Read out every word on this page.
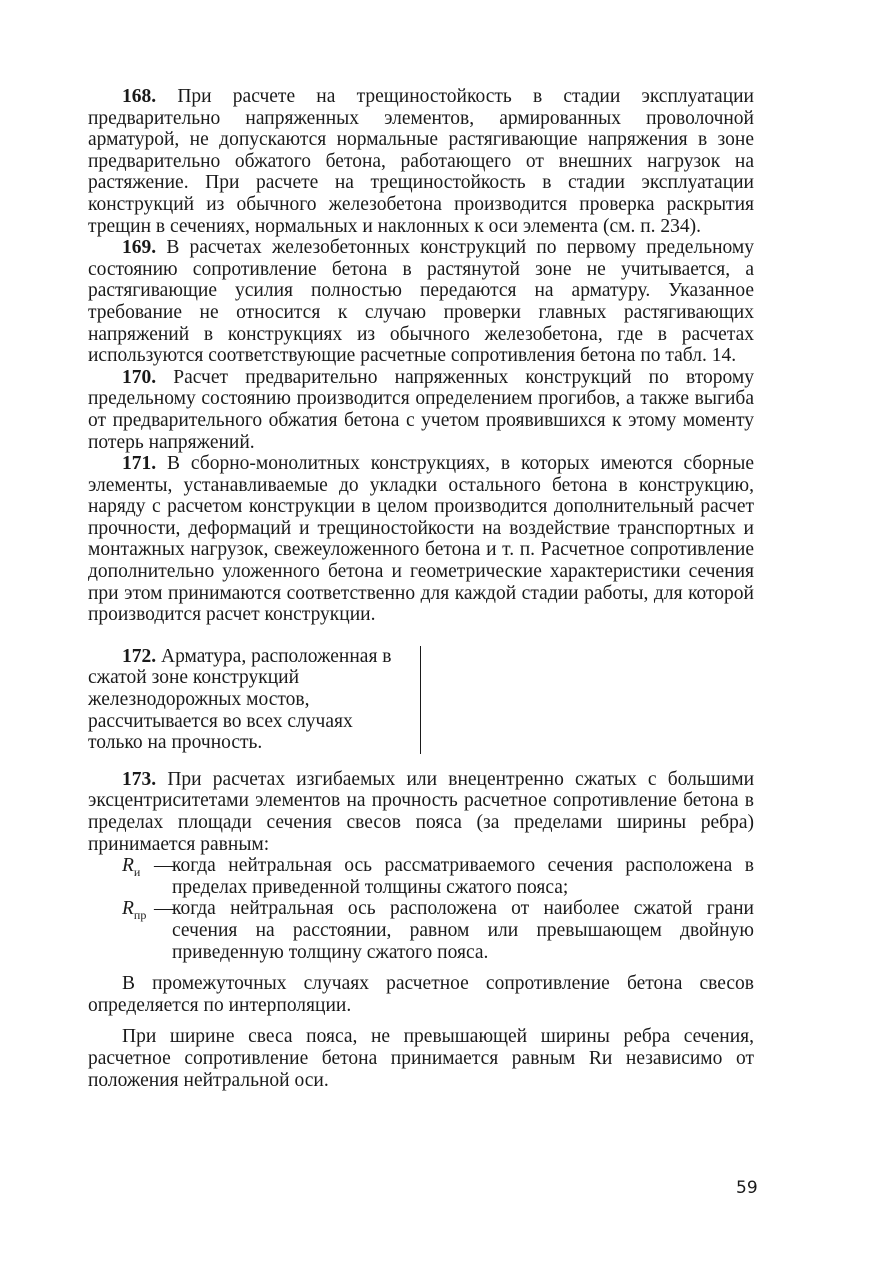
168. При расчете на трещиностойкость в стадии эксплуатации предварительно напряженных элементов, армированных проволочной арматурой, не допускаются нормальные растягивающие напряжения в зоне предварительно обжатого бетона, работающего от внешних нагрузок на растяжение. При расчете на трещиностойкость в стадии эксплуатации конструкций из обычного железобетона производится проверка раскрытия трещин в сечениях, нормальных и наклонных к оси элемента (см. п. 234).

169. В расчетах железобетонных конструкций по первому предельному состоянию сопротивление бетона в растянутой зоне не учитывается, а растягивающие усилия полностью передаются на арматуру. Указанное требование не относится к случаю проверки главных растягивающих напряжений в конструкциях из обычного железобетона, где в расчетах используются соответствующие расчетные сопротивления бетона по табл. 14.

170. Расчет предварительно напряженных конструкций по второму предельному состоянию производится определением прогибов, а также выгиба от предварительного обжатия бетона с учетом проявившихся к этому моменту потерь напряжений.

171. В сборно-монолитных конструкциях, в которых имеются сборные элементы, устанавливаемые до укладки остального бетона в конструкцию, наряду с расчетом конструкции в целом производится дополнительный расчет прочности, деформаций и трещиностойкости на воздействие транспортных и монтажных нагрузок, свежеуложенного бетона и т. п. Расчетное сопротивление дополнительно уложенного бетона и геометрические характеристики сечения при этом принимаются соответственно для каждой стадии работы, для которой производится расчет конструкции.

172. Арматура, расположенная в сжатой зоне конструкций железнодорожных мостов, рассчитывается во всех случаях только на прочность.

173. При расчетах изгибаемых или внецентренно сжатых с большими эксцентриситетами элементов на прочность расчетное сопротивление бетона в пределах площади сечения свесов пояса (за пределами ширины ребра) принимается равным:

$R_и$ —
когда нейтральная ось рассматриваемого сечения расположена в пределах приведенной толщины сжатого пояса;
$R_{пр}$ —
когда нейтральная ось расположена от наиболее сжатой грани сечения на расстоянии, равном или превышающем двойную приведенную толщину сжатого пояса.

В промежуточных случаях расчетное сопротивление бетона свесов определяется по интерполяции.

При ширине свеса пояса, не превышающей ширины ребра сечения, расчетное сопротивление бетона принимается равным Rи независимо от положения нейтральной оси.

59
